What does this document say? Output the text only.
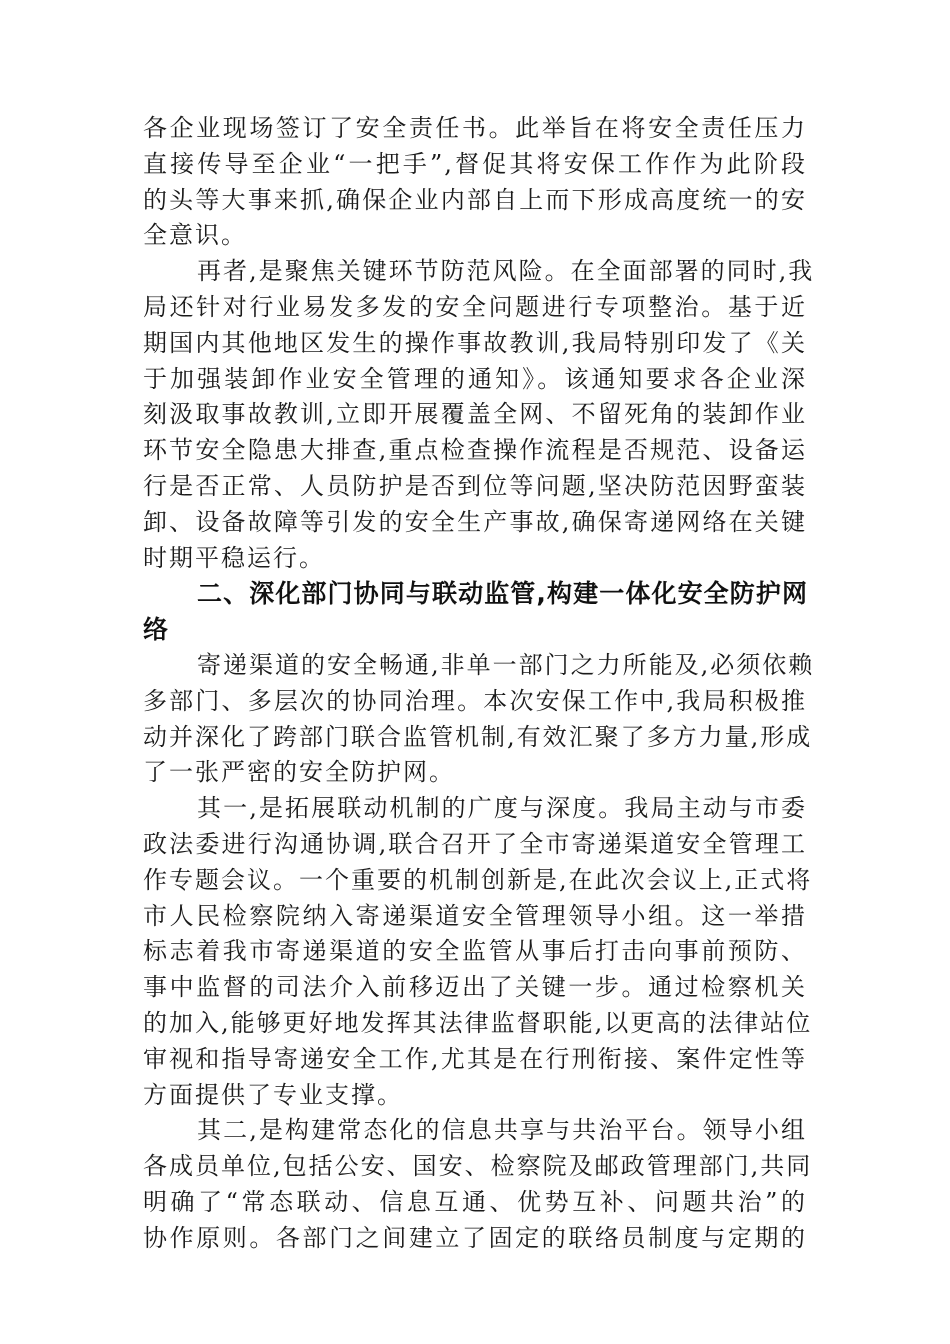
各企业现场签订了安全责任书。此举旨在将安全责任压力
直接传导至企业“一把手”,督促其将安保工作作为此阶段
的头等大事来抓,确保企业内部自上而下形成高度统一的安
全意识。
再者,是聚焦关键环节防范风险。在全面部署的同时,我
局还针对行业易发多发的安全问题进行专项整治。基于近
期国内其他地区发生的操作事故教训,我局特别印发了《关
于加强装卸作业安全管理的通知》。该通知要求各企业深
刻汲取事故教训,立即开展覆盖全网、不留死角的装卸作业
环节安全隐患大排查,重点检查操作流程是否规范、设备运
行是否正常、人员防护是否到位等问题,坚决防范因野蛮装
卸、设备故障等引发的安全生产事故,确保寄递网络在关键
时期平稳运行。
二、深化部门协同与联动监管,构建一体化安全防护网
络
寄递渠道的安全畅通,非单一部门之力所能及,必须依赖
多部门、多层次的协同治理。本次安保工作中,我局积极推
动并深化了跨部门联合监管机制,有效汇聚了多方力量,形成
了一张严密的安全防护网。
其一,是拓展联动机制的广度与深度。我局主动与市委
政法委进行沟通协调,联合召开了全市寄递渠道安全管理工
作专题会议。一个重要的机制创新是,在此次会议上,正式将
市人民检察院纳入寄递渠道安全管理领导小组。这一举措
标志着我市寄递渠道的安全监管从事后打击向事前预防、
事中监督的司法介入前移迈出了关键一步。通过检察机关
的加入,能够更好地发挥其法律监督职能,以更高的法律站位
审视和指导寄递安全工作,尤其是在行刑衔接、案件定性等
方面提供了专业支撑。
其二,是构建常态化的信息共享与共治平台。领导小组
各成员单位,包括公安、国安、检察院及邮政管理部门,共同
明确了“常态联动、信息互通、优势互补、问题共治”的
协作原则。各部门之间建立了固定的联络员制度与定期的
